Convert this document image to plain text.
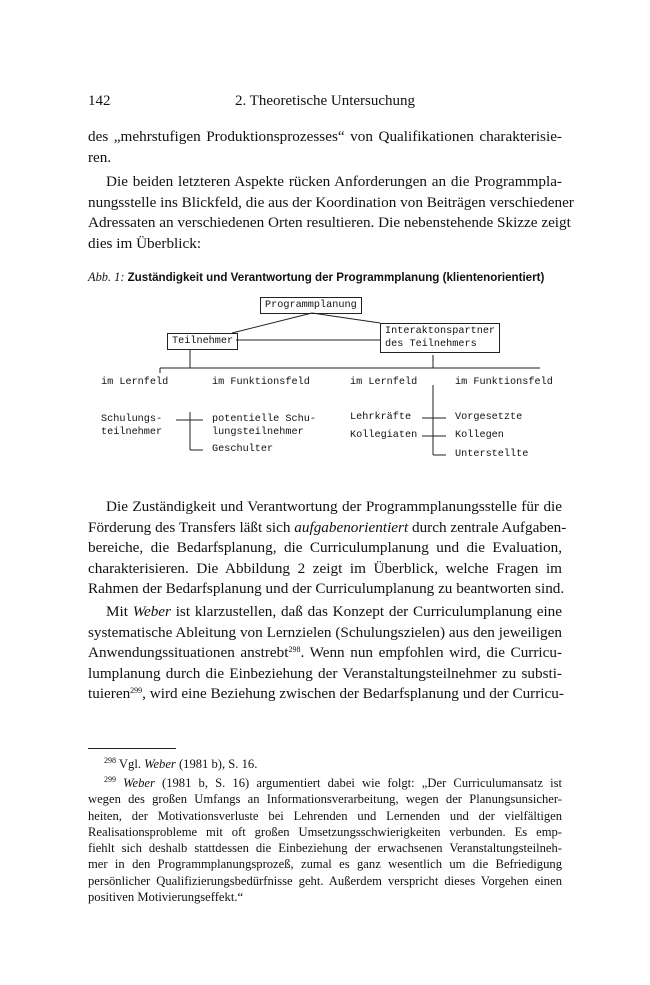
142	2. Theoretische Untersuchung

des „mehrstufigen Produktionsprozesses“ von Qualifikationen charakterisie-
ren.

Die beiden letzteren Aspekte rücken Anforderungen an die Programmpla-
nungsstelle ins Blickfeld, die aus der Koordination von Beiträgen verschiedener
Adressaten an verschiedenen Orten resultieren. Die nebenstehende Skizze zeigt
dies im Überblick:

Abb. 1: Zuständigkeit und Verantwortung der Programmplanung (klientenorientiert)
Programmplanung
Teilnehmer
Interaktonspartner
des Teilnehmers
im Lernfeld	im Funktionsfeld	im Lernfeld	im Funktionsfeld
Schulungs-
teilnehmer
potentielle Schu-
lungsteilnehmer
Geschulter
Lehrkräfte
Kollegiaten
Vorgesetzte
Kollegen
Unterstellte

Die Zuständigkeit und Verantwortung der Programmplanungsstelle für die
Förderung des Transfers läßt sich aufgabenorientiert durch zentrale Aufgaben-
bereiche, die Bedarfsplanung, die Curriculumplanung und die Evaluation,
charakterisieren. Die Abbildung 2 zeigt im Überblick, welche Fragen im
Rahmen der Bedarfsplanung und der Curriculumplanung zu beantworten sind.

Mit Weber ist klarzustellen, daß das Konzept der Curriculumplanung eine
systematische Ableitung von Lernzielen (Schulungszielen) aus den jeweiligen
Anwendungssituationen anstrebt$^{298}$. Wenn nun empfohlen wird, die Curricu-
lumplanung durch die Einbeziehung der Veranstaltungsteilnehmer zu substi-
tuieren$^{299}$, wird eine Beziehung zwischen der Bedarfsplanung und der Curricu-

$^{298}$ Vgl. Weber (1981 b), S. 16.

$^{299}$ Weber (1981 b, S. 16) argumentiert dabei wie folgt: „Der Curriculumansatz ist
wegen des großen Umfangs an Informationsverarbeitung, wegen der Planungsunsicher-
heiten, der Motivationsverluste bei Lehrenden und Lernenden und der vielfältigen
Realisationsprobleme mit oft großen Umsetzungsschwierigkeiten verbunden. Es emp-
fiehlt sich deshalb stattdessen die Einbeziehung der erwachsenen Veranstaltungsteilneh-
mer in den Programmplanungsprozeß, zumal es ganz wesentlich um die Befriedigung
persönlicher Qualifizierungsbedürfnisse geht. Außerdem verspricht dieses Vorgehen einen
positiven Motivierungseffekt.“
